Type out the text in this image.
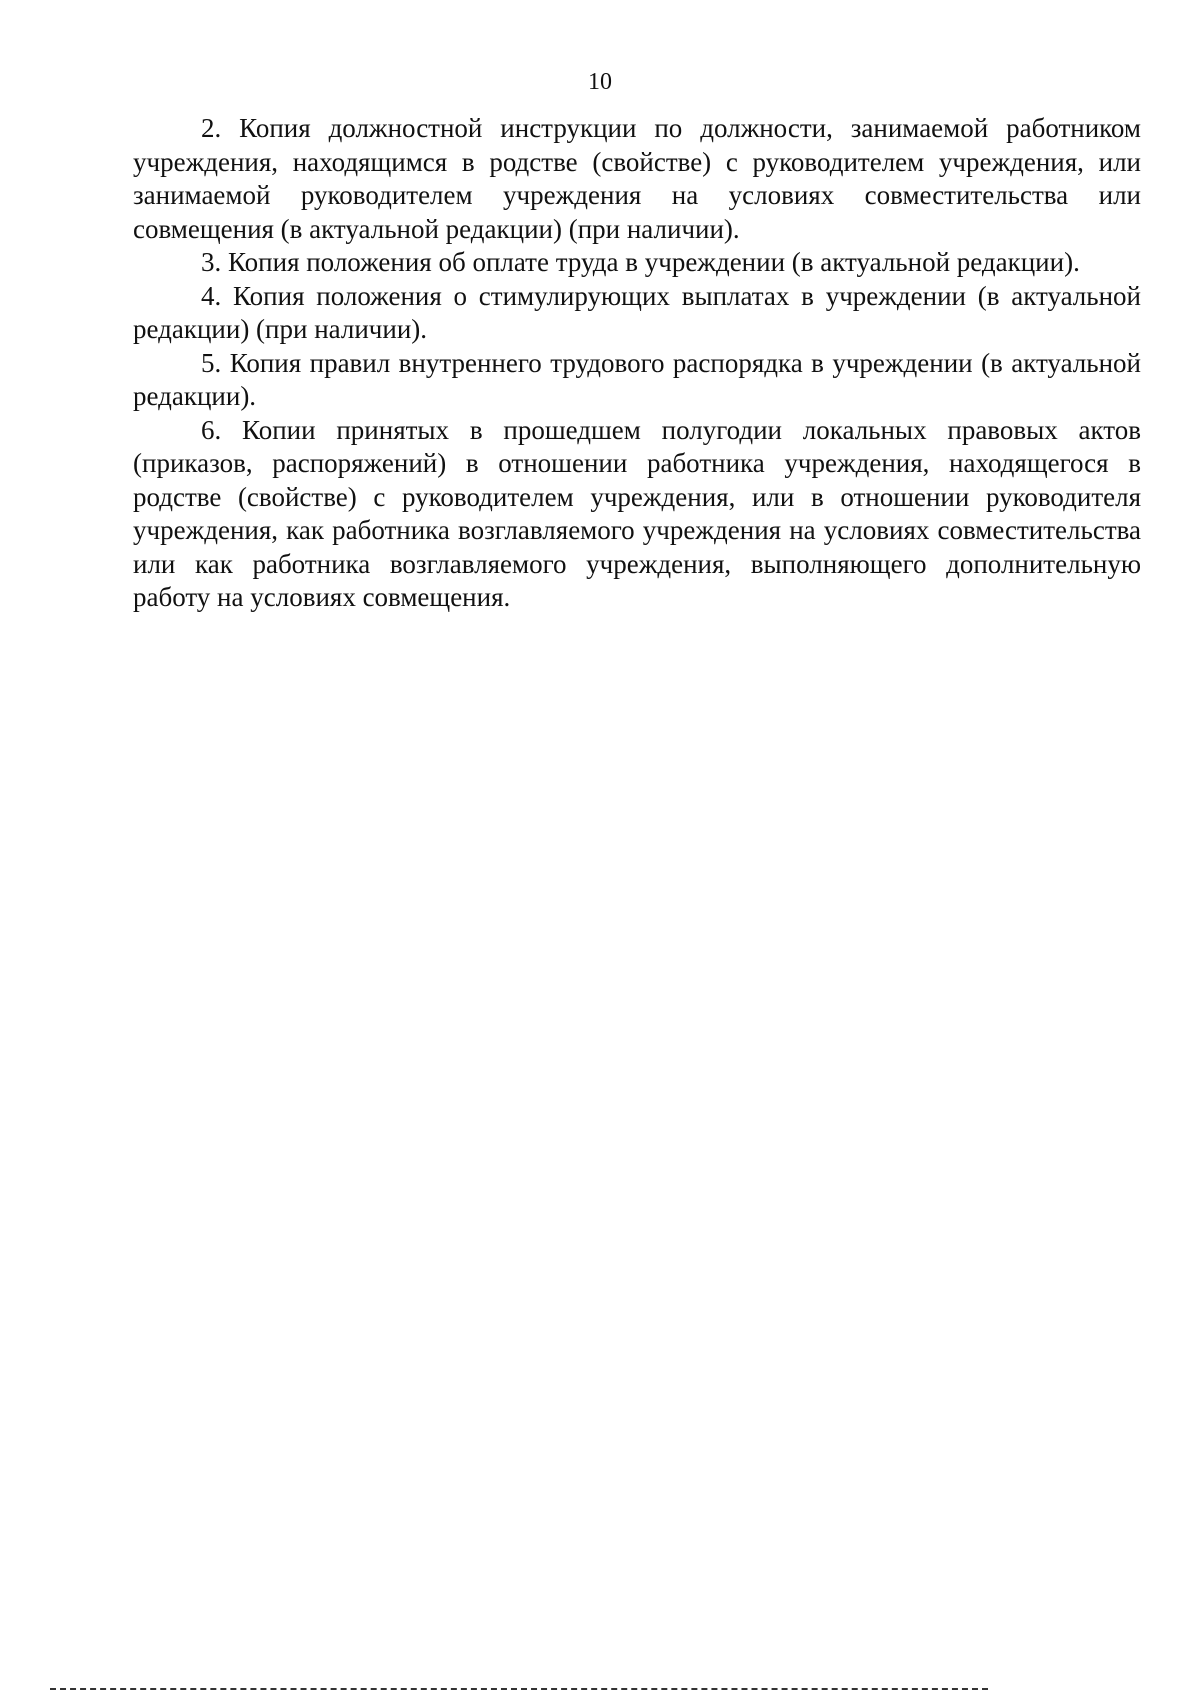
10

2. Копия должностной инструкции по должности, занимаемой работником учреждения, находящимся в родстве (свойстве) с руководителем учреждения, или занимаемой руководителем учреждения на условиях совместительства или совмещения (в актуальной редакции) (при наличии).

3. Копия положения об оплате труда в учреждении (в актуальной редакции).

4. Копия положения о стимулирующих выплатах в учреждении (в актуальной редакции) (при наличии).

5. Копия правил внутреннего трудового распорядка в учреждении (в актуальной редакции).

6. Копии принятых в прошедшем полугодии локальных правовых актов (приказов, распоряжений) в отношении работника учреждения, находящегося в родстве (свойстве) с руководителем учреждения, или в отношении руководителя учреждения, как работника возглавляемого учреждения на условиях совместительства или как работника возглавляемого учреждения, выполняющего дополнительную работу на условиях совмещения.
